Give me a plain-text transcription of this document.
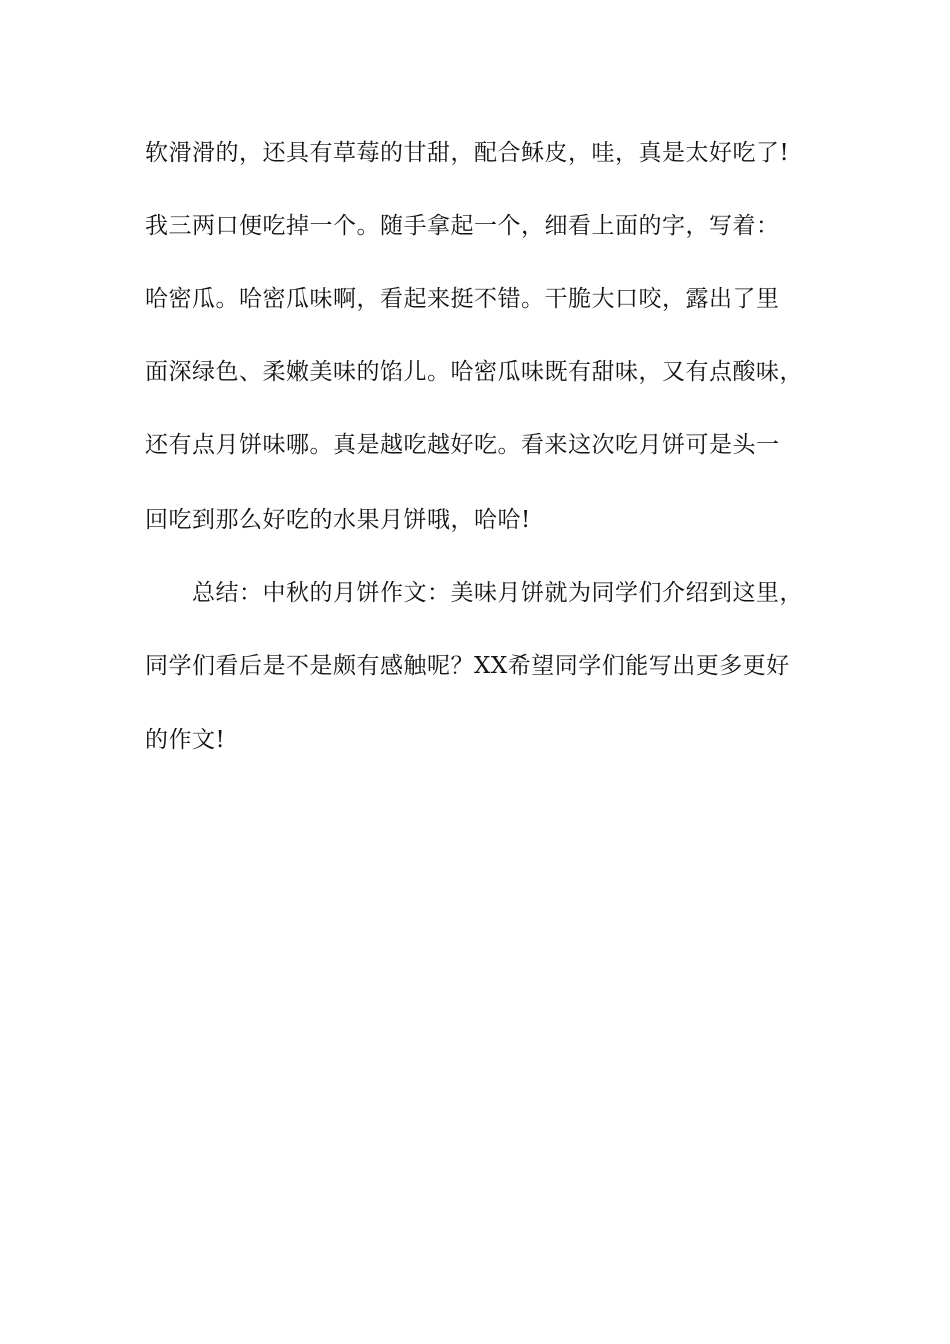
软滑滑的，还具有草莓的甘甜，配合稣皮，哇，真是太好吃了!
我三两口便吃掉一个。随手拿起一个，细看上面的字，写着：
哈密瓜。哈密瓜味啊，看起来挺不错。干脆大口咬，露出了里
面深绿色、柔嫩美味的馅儿。哈密瓜味既有甜味，又有点酸味，
还有点月饼味哪。真是越吃越好吃。看来这次吃月饼可是头一
回吃到那么好吃的水果月饼哦，哈哈!
总结：中秋的月饼作文：美味月饼就为同学们介绍到这里，
同学们看后是不是颇有感触呢？XX希望同学们能写出更多更好
的作文!
